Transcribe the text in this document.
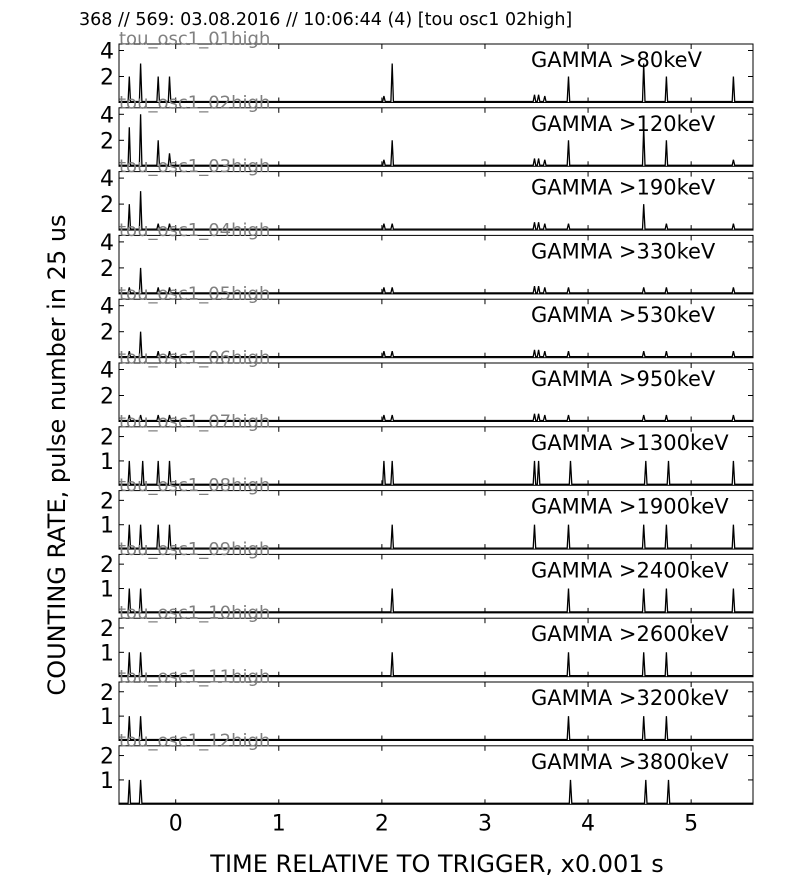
368 // 569: 03.08.2016 // 10:06:44 (4) [tou osc1 02high]
2
4	GAMMA >80keV
tou_osc1_01high
2
4	GAMMA >120keV
tou_osc1_02high
2
4	GAMMA >190keV
tou_osc1_03high
2
4	GAMMA >330keV
tou_osc1_04high
2
4	GAMMA >530keV
tou_osc1_05high
2
4	GAMMA >950keV
tou_osc1_06high
1
2	GAMMA >1300keV
tou_osc1_07high
1
2	GAMMA >1900keV
tou_osc1_08high
1
2	GAMMA >2400keV
tou_osc1_09high
1
2	GAMMA >2600keV
tou_osc1_10high
1
2	GAMMA >3200keV
tou_osc1_11high
1
2	GAMMA >3800keV
tou_osc1_12high
0	1	2	3	4	5
TIME RELATIVE TO TRIGGER, x0.001 s
COUNTING RATE, pulse number in 25 us
